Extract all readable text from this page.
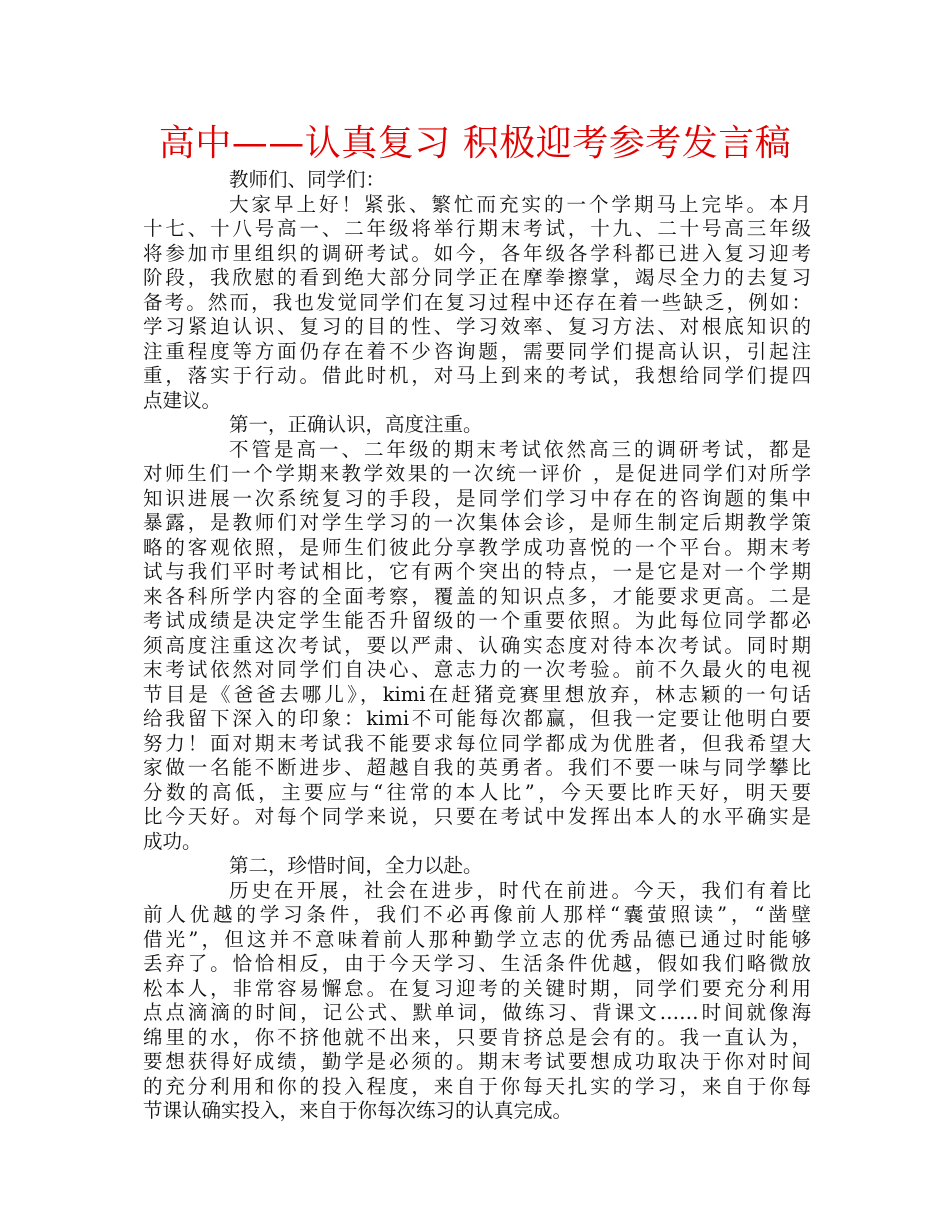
高中——认真复习 积极迎考参考发言稿
教师们、同学们：
大家早上好！紧张、繁忙而充实的一个学期马上完毕。本月
十七、十八号高一、二年级将举行期末考试，十九、二十号高三年级
将参加市里组织的调研考试。如今，各年级各学科都已进入复习迎考
阶段，我欣慰的看到绝大部分同学正在摩拳擦掌，竭尽全力的去复习
备考。然而，我也发觉同学们在复习过程中还存在着一些缺乏，例如：
学习紧迫认识、复习的目的性、学习效率、复习方法、对根底知识的
注重程度等方面仍存在着不少咨询题，需要同学们提高认识，引起注
重，落实于行动。借此时机，对马上到来的考试，我想给同学们提四
点建议。
第一，正确认识，高度注重。
不管是高一、二年级的期末考试依然高三的调研考试，都是
对师生们一个学期来教学效果的一次统一评价 ，是促进同学们对所学
知识进展一次系统复习的手段，是同学们学习中存在的咨询题的集中
暴露，是教师们对学生学习的一次集体会诊，是师生制定后期教学策
略的客观依照，是师生们彼此分享教学成功喜悦的一个平台。期末考
试与我们平时考试相比，它有两个突出的特点，一是它是对一个学期
来各科所学内容的全面考察，覆盖的知识点多，才能要求更高。二是
考试成绩是决定学生能否升留级的一个重要依照。为此每位同学都必
须高度注重这次考试，要以严肃、认确实态度对待本次考试。同时期
末考试依然对同学们自决心、意志力的一次考验。前不久最火的电视
节目是《爸爸去哪儿》，kimi在赶猪竞赛里想放弃，林志颖的一句话
给我留下深入的印象：kimi不可能每次都赢，但我一定要让他明白要
努力！面对期末考试我不能要求每位同学都成为优胜者，但我希望大
家做一名能不断进步、超越自我的英勇者。我们不要一味与同学攀比
分数的高低，主要应与“往常的本人比”，今天要比昨天好，明天要
比今天好。对每个同学来说，只要在考试中发挥出本人的水平确实是
成功。
第二，珍惜时间，全力以赴。
历史在开展，社会在进步，时代在前进。今天，我们有着比
前人优越的学习条件，我们不必再像前人那样“囊萤照读”，“凿壁
借光”，但这并不意味着前人那种勤学立志的优秀品德已通过时能够
丢弃了。恰恰相反，由于今天学习、生活条件优越，假如我们略微放
松本人，非常容易懈怠。在复习迎考的关键时期，同学们要充分利用
点点滴滴的时间，记公式、默单词，做练习、背课文……时间就像海
绵里的水，你不挤他就不出来，只要肯挤总是会有的。我一直认为，
要想获得好成绩，勤学是必须的。期末考试要想成功取决于你对时间
的充分利用和你的投入程度，来自于你每天扎实的学习，来自于你每
节课认确实投入，来自于你每次练习的认真完成。
